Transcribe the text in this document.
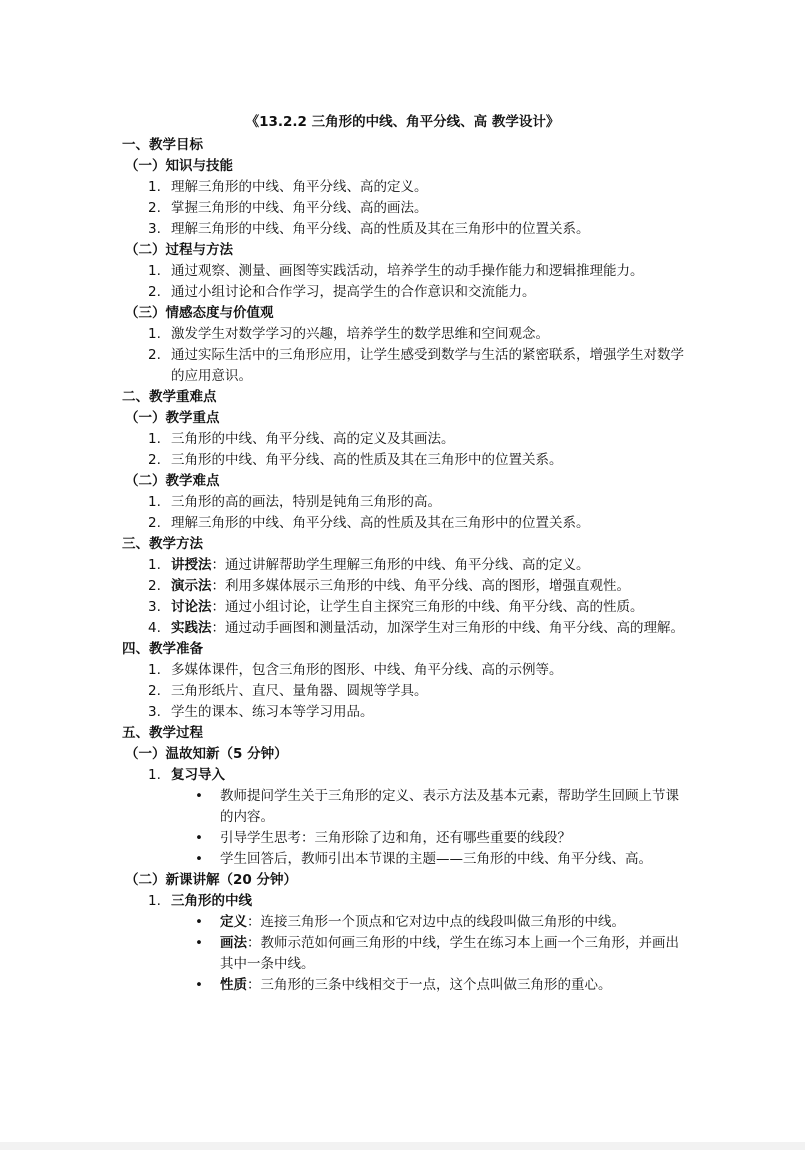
《13.2.2 三角形的中线、角平分线、高 教学设计》
一、教学目标
（一）知识与技能
1. 理解三角形的中线、角平分线、高的定义。
2. 掌握三角形的中线、角平分线、高的画法。
3. 理解三角形的中线、角平分线、高的性质及其在三角形中的位置关系。
（二）过程与方法
1. 通过观察、测量、画图等实践活动，培养学生的动手操作能力和逻辑推理能力。
2. 通过小组讨论和合作学习，提高学生的合作意识和交流能力。
（三）情感态度与价值观
1. 激发学生对数学学习的兴趣，培养学生的数学思维和空间观念。
2. 通过实际生活中的三角形应用，让学生感受到数学与生活的紧密联系，增强学生对数学的应用意识。
二、教学重难点
（一）教学重点
1. 三角形的中线、角平分线、高的定义及其画法。
2. 三角形的中线、角平分线、高的性质及其在三角形中的位置关系。
（二）教学难点
1. 三角形的高的画法，特别是钝角三角形的高。
2. 理解三角形的中线、角平分线、高的性质及其在三角形中的位置关系。
三、教学方法
1. 讲授法：通过讲解帮助学生理解三角形的中线、角平分线、高的定义。
2. 演示法：利用多媒体展示三角形的中线、角平分线、高的图形，增强直观性。
3. 讨论法：通过小组讨论，让学生自主探究三角形的中线、角平分线、高的性质。
4. 实践法：通过动手画图和测量活动，加深学生对三角形的中线、角平分线、高的理解。
四、教学准备
1. 多媒体课件，包含三角形的图形、中线、角平分线、高的示例等。
2. 三角形纸片、直尺、量角器、圆规等学具。
3. 学生的课本、练习本等学习用品。
五、教学过程
（一）温故知新（5 分钟）
1. 复习导入
• 教师提问学生关于三角形的定义、表示方法及基本元素，帮助学生回顾上节课的内容。
• 引导学生思考：三角形除了边和角，还有哪些重要的线段？
• 学生回答后，教师引出本节课的主题——三角形的中线、角平分线、高。
（二）新课讲解（20 分钟）
1. 三角形的中线
• 定义：连接三角形一个顶点和它对边中点的线段叫做三角形的中线。
• 画法：教师示范如何画三角形的中线，学生在练习本上画一个三角形，并画出其中一条中线。
• 性质：三角形的三条中线相交于一点，这个点叫做三角形的重心。
